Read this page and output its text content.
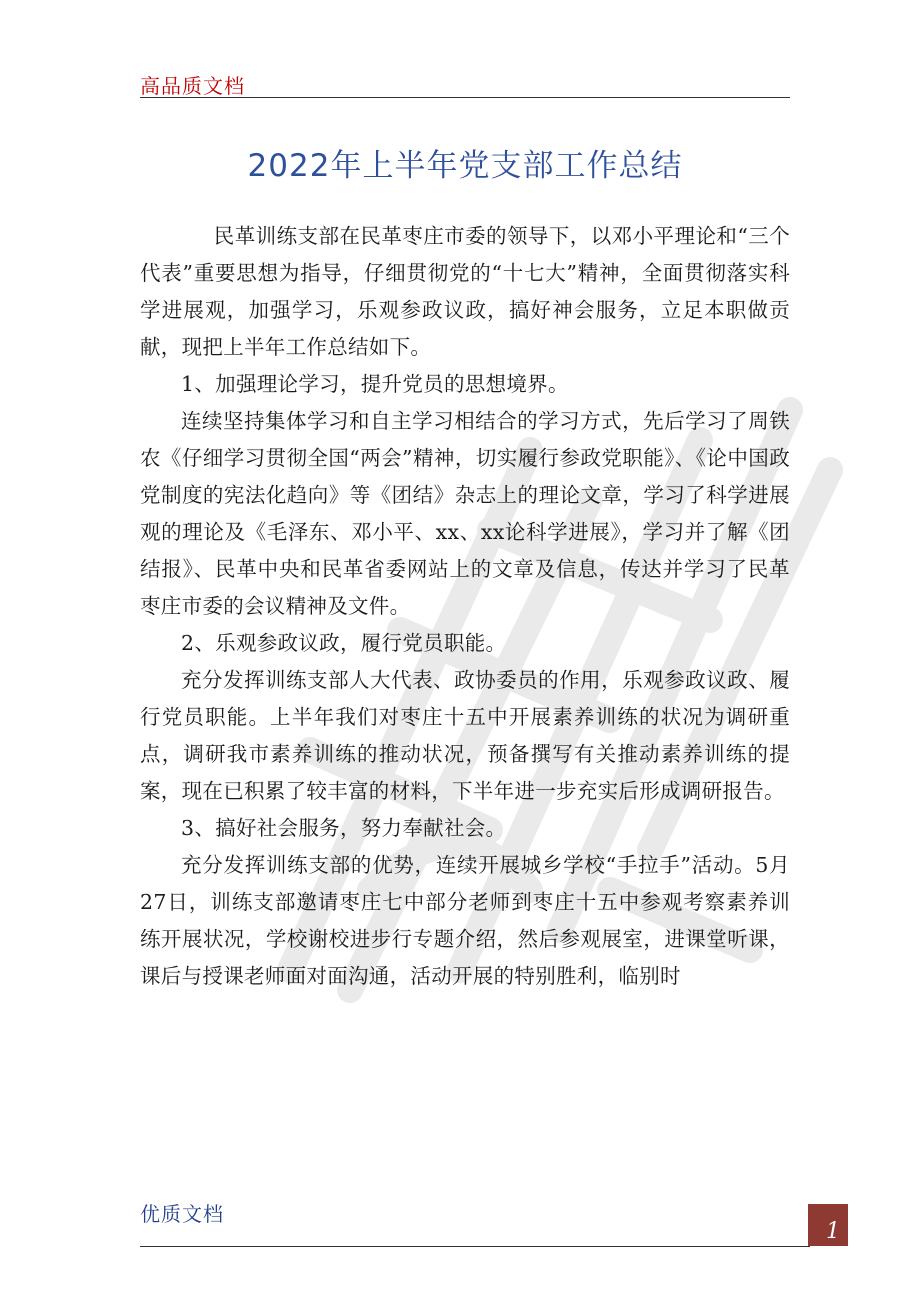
高品质文档
2022年上半年党支部工作总结

民革训练支部在民革枣庄市委的领导下，以邓小平理论和“三个代表”重要思想为指导，仔细贯彻党的“十七大”精神，全面贯彻落实科学进展观，加强学习，乐观参政议政，搞好神会服务，立足本职做贡献，现把上半年工作总结如下。

1、加强理论学习，提升党员的思想境界。

连续坚持集体学习和自主学习相结合的学习方式，先后学习了周铁农《仔细学习贯彻全国“两会”精神，切实履行参政党职能》、《论中国政党制度的宪法化趋向》等《团结》杂志上的理论文章，学习了科学进展观的理论及《毛泽东、邓小平、xx、xx论科学进展》，学习并了解《团结报》、民革中央和民革省委网站上的文章及信息，传达并学习了民革枣庄市委的会议精神及文件。

2、乐观参政议政，履行党员职能。

充分发挥训练支部人大代表、政协委员的作用，乐观参政议政、履行党员职能。上半年我们对枣庄十五中开展素养训练的状况为调研重点，调研我市素养训练的推动状况，预备撰写有关推动素养训练的提案，现在已积累了较丰富的材料，下半年进一步充实后形成调研报告。

3、搞好社会服务，努力奉献社会。

充分发挥训练支部的优势，连续开展城乡学校“手拉手”活动。5月27日，训练支部邀请枣庄七中部分老师到枣庄十五中参观考察素养训练开展状况，学校谢校进步行专题介绍，然后参观展室，进课堂听课，课后与授课老师面对面沟通，活动开展的特别胜利，临别时

优质文档
1
